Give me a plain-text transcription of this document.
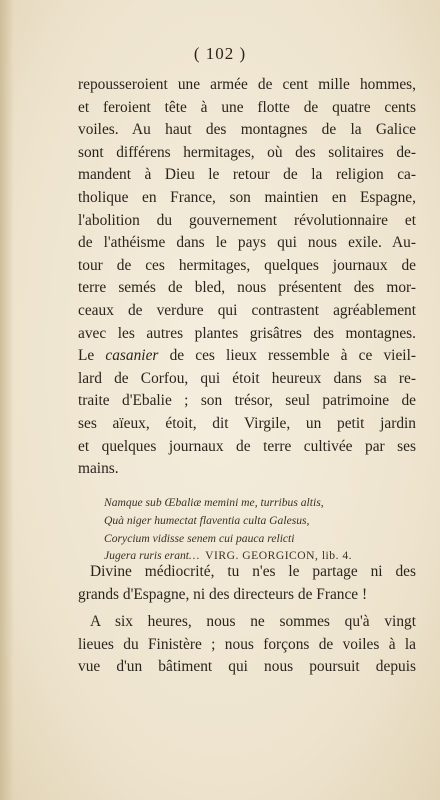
( 102 )
repousseroient une armée de cent mille hommes,
et feroient tête à une flotte de quatre cents
voiles. Au haut des montagnes de la Galice
sont différens hermitages, où des solitaires de-
mandent à Dieu le retour de la religion ca-
tholique en France, son maintien en Espagne,
l'abolition du gouvernement révolutionnaire et
de l'athéisme dans le pays qui nous exile. Au-
tour de ces hermitages, quelques journaux de
terre semés de bled, nous présentent des mor-
ceaux de verdure qui contrastent agréablement
avec les autres plantes grisâtres des montagnes.
Le casanier de ces lieux ressemble à ce vieil-
lard de Corfou, qui étoit heureux dans sa re-
traite d'Ebalie ; son trésor, seul patrimoine de
ses aïeux, étoit, dit Virgile, un petit jardin
et quelques journaux de terre cultivée par ses
mains.
Namque sub Œbaliæ memini me, turribus altis,
Quà niger humectat flaventia culta Galesus,
Corycium vidisse senem cui pauca relicti
Jugera ruris erant… VIRG. GEORGICON, lib. 4.
Divine médiocrité, tu n'es le partage ni des
grands d'Espagne, ni des directeurs de France !
A six heures, nous ne sommes qu'à vingt
lieues du Finistère ; nous forçons de voiles à la
vue d'un bâtiment qui nous poursuit depuis
